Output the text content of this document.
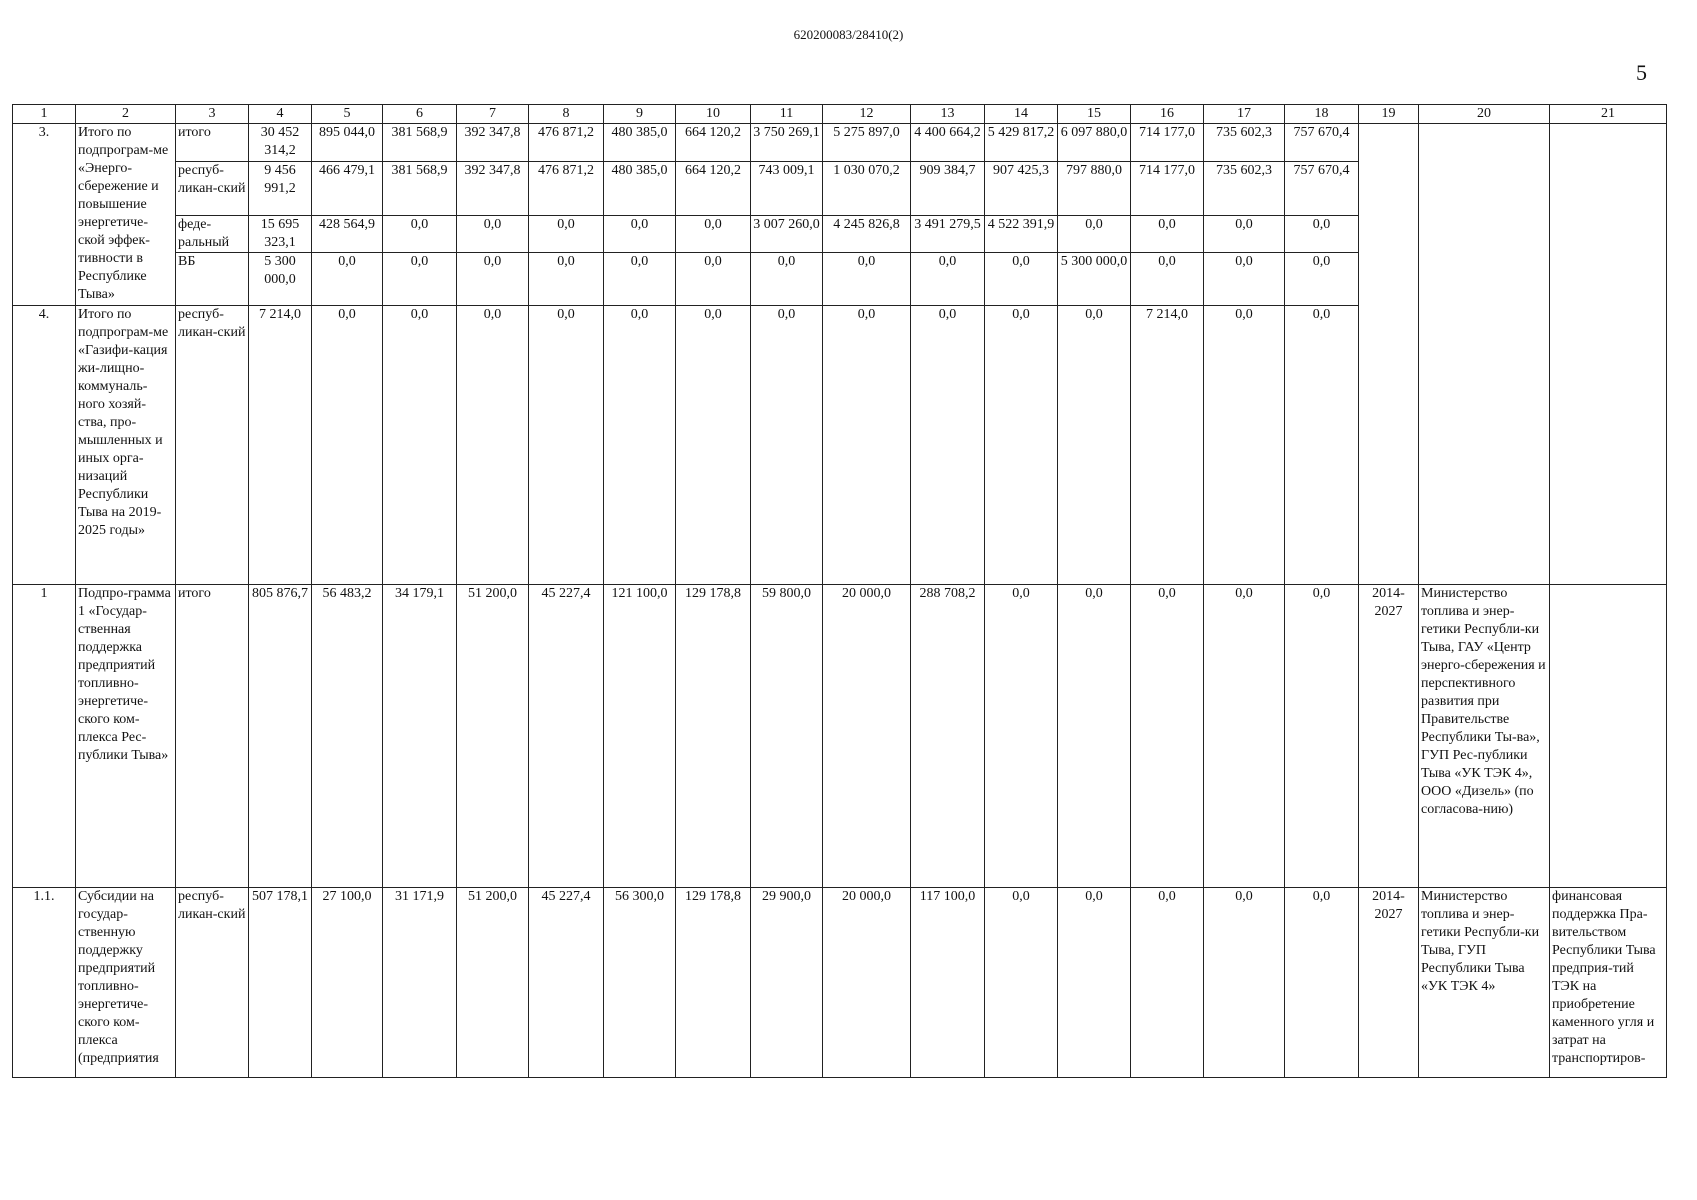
620200083/28410(2)
5
1	2	3	4	5	6	7	8	9	10	11	12	13	14	15	16	17	18	19	20	21
3.	Итого по подпрограм-ме «Энерго-сбережение и повышение энергетиче-ской эффек-тивности в Республике Тыва»	итого	30 452 314,2	895 044,0	381 568,9	392 347,8	476 871,2	480 385,0	664 120,2	3 750 269,1	5 275 897,0	4 400 664,2	5 429 817,2	6 097 880,0	714 177,0	735 602,3	757 670,4			
		респуб-ликан-ский	9 456 991,2	466 479,1	381 568,9	392 347,8	476 871,2	480 385,0	664 120,2	743 009,1	1 030 070,2	909 384,7	907 425,3	797 880,0	714 177,0	735 602,3	757 670,4			
		феде-ральный	15 695 323,1	428 564,9	0,0	0,0	0,0	0,0	0,0	3 007 260,0	4 245 826,8	3 491 279,5	4 522 391,9	0,0	0,0	0,0	0,0			
		ВБ	5 300 000,0	0,0	0,0	0,0	0,0	0,0	0,0	0,0	0,0	0,0	0,0	5 300 000,0	0,0	0,0	0,0			
4.	Итого по подпрограм-ме «Газифи-кация жи-лищно-коммуналь-ного хозяй-ства, про-мышленных и иных орга-низаций Республики Тыва на 2019-2025 годы»	респуб-ликан-ский	7 214,0	0,0	0,0	0,0	0,0	0,0	0,0	0,0	0,0	0,0	0,0	0,0	7 214,0	0,0	0,0			
1	Подпро-грамма 1 «Государ-ственная поддержка предприятий топливно-энергетиче-ского ком-плекса Рес-публики Тыва»	итого	805 876,7	56 483,2	34 179,1	51 200,0	45 227,4	121 100,0	129 178,8	59 800,0	20 000,0	288 708,2	0,0	0,0	0,0	0,0	0,0	2014-2027	Министерство топлива и энер-гетики Республи-ки Тыва, ГАУ «Центр энерго-сбережения и перспективного развития при Правительстве Республики Ты-ва», ГУП Рес-публики Тыва «УК ТЭК 4», ООО «Дизель» (по согласова-нию)	
1.1.	Субсидии на государ-ственную поддержку предприятий топливно-энергетиче-ского ком-плекса (предприятия	респуб-ликан-ский	507 178,1	27 100,0	31 171,9	51 200,0	45 227,4	56 300,0	129 178,8	29 900,0	20 000,0	117 100,0	0,0	0,0	0,0	0,0	0,0	2014-2027	Министерство топлива и энер-гетики Республи-ки Тыва, ГУП Республики Тыва «УК ТЭК 4»	финансовая поддержка Пра-вительством Республики Тыва предприя-тий ТЭК на приобретение каменного угля и затрат на транспортиров-
